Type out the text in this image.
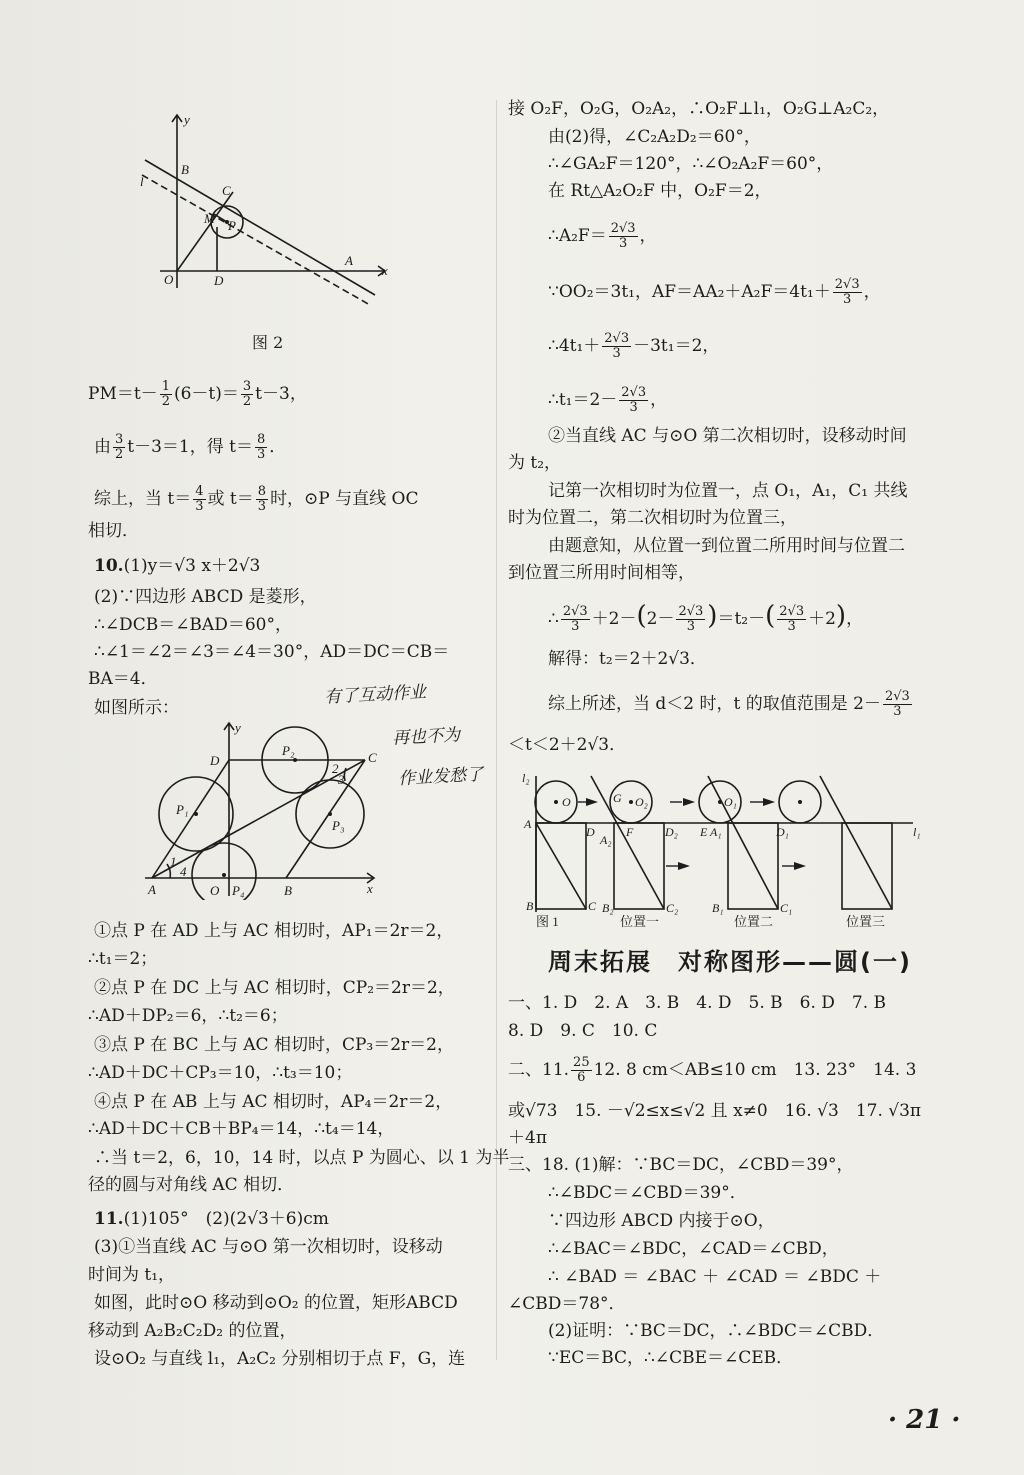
y
x
B
C
M P
O	D
A
l
图 2
$PM=t- \frac{1}{2} (6-t)= \frac{3}{2} t-3$，
由 $\frac{3}{2} t-3=1$，得 $t= \frac{8}{3}$ ．
综上，当 $t= \frac{4}{3}$ 或 $t= \frac{8}{3}$ 时，⊙P 与直线 OC
相切．
10.(1)y＝√3 x＋2√3
(2)∵四边形 ABCD 是菱形，
∴∠DCB＝∠BAD＝60°，
∴∠1＝∠2＝∠3＝∠4＝30°，AD＝DC＝CB＝
BA＝4．
如图所示：
有了互动作业
再也不为
作业发愁了
y
x
D	C
A	O	B
P₁
P₂
P₃
P₄
1
2
3
4
①点 P 在 AD 上与 AC 相切时，AP₁＝2r＝2，
∴t₁＝2；
②点 P 在 DC 上与 AC 相切时，CP₂＝2r＝2，
∴AD＋DP₂＝6，∴t₂＝6；
③点 P 在 BC 上与 AC 相切时，CP₃＝2r＝2，
∴AD＋DC＋CP₃＝10，∴t₃＝10；
④点 P 在 AB 上与 AC 相切时，AP₄＝2r＝2，
∴AD＋DC＋CB＋BP₄＝14，∴t₄＝14，
∴当 t＝2，6，10，14 时，以点 P 为圆心、以 1 为半
径的圆与对角线 AC 相切．
11.(1)105°　(2)(2√3＋6)cm
(3)①当直线 AC 与⊙O 第一次相切时，设移动
时间为 t₁，
如图，此时⊙O 移动到⊙O₂ 的位置，矩形ABCD
移动到 A₂B₂C₂D₂ 的位置，
设⊙O₂ 与直线 l₁，A₂C₂ 分别相切于点 F，G，连
接 O₂F，O₂G，O₂A₂，∴O₂F⊥l₁，O₂G⊥A₂C₂，
由(2)得，∠C₂A₂D₂＝60°，
∴∠GA₂F＝120°，∴∠O₂A₂F＝60°，
在 Rt△A₂O₂F 中，O₂F＝2，
∴A₂F＝ $\frac{2√3}{3}$ ，
∵OO₂＝3t₁，$AF=AA_2+A_2F=4t_1+ \frac{2√3}{3}$ ，
∴4t₁＋ $\frac{2√3}{3} -3t_1=2$，
∴t₁＝2－ $\frac{2√3}{3}$ ，
②当直线 AC 与⊙O 第二次相切时，设移动时间
为 t₂，
记第一次相切时为位置一，点 O₁，A₁，C₁ 共线
时为位置二，第二次相切时为位置三，
由题意知，从位置一到位置二所用时间与位置二
到位置三所用时间相等，
∴ $\frac{2√3}{3} +2-(2- \frac{2√3}{3} )=t_2-( \frac{2√3}{3} +2)$，
解得：t₂＝2＋2√3．
综上所述，当 d＜2 时，t 的取值范围是 $2- \frac{2√3}{3}$
＜t＜2＋2√3．
l₂
l₁
O	G O₂	O₁
A
D
A₂
F	D₂ E A₁	D₁
B	C B₂	C₂	B₁	C₁
图 1	位置一	位置二	位置三
周末拓展　对称图形——圆(一)
一、1. D　2. A　3. B　4. D　5. B　6. D　7. B
8. D　9. C　10. C
二、11. $\frac{25}{6} 12$. 8 cm＜AB≤10 cm　13. 23°　14. 3
或√73　15. －√2≤x≤√2 且 x≠0　16. √3　17. √3π
＋4π
三、18. (1)解：∵BC＝DC，∠CBD＝39°，
∴∠BDC＝∠CBD＝39°．
∵四边形 ABCD 内接于⊙O，
∴∠BAC＝∠BDC，∠CAD＝∠CBD，
∴ ∠BAD ＝ ∠BAC ＋ ∠CAD ＝ ∠BDC ＋
∠CBD＝78°．
(2)证明：∵BC＝DC，∴∠BDC＝∠CBD．
∵EC＝BC，∴∠CBE＝∠CEB．
· 21 ·
